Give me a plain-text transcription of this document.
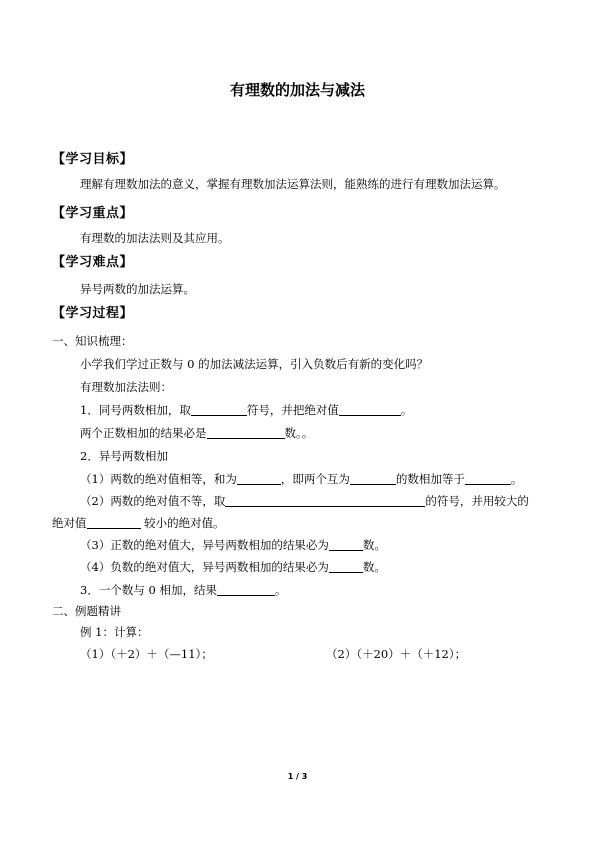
有理数的加法与减法
【学习目标】
理解有理数加法的意义，掌握有理数加法运算法则，能熟练的进行有理数加法运算。
【学习重点】
有理数的加法法则及其应用。
【学习难点】
异号两数的加法运算。
【学习过程】
一、知识梳理：
小学我们学过正数与 0 的加法减法运算，引入负数后有新的变化吗？
有理数加法法则：
1．同号两数相加，取	符号，并把绝对值	。
两个正数相加的结果必是	数。。
2．异号两数相加
（1）两数的绝对值相等，和为	，即两个互为	的数相加等于	。
（2）两数的绝对值不等，取	的符号，并用较大的
绝对值	较小的绝对值。
（3）正数的绝对值大，异号两数相加的结果必为	数。
（4）负数的绝对值大，异号两数相加的结果必为	数。
3．一个数与 0 相加，结果	。
二、例题精讲
例 1：计算：
（1）（＋2）＋（—11）；	（2）（＋20）＋（＋12）；
1 / 3
